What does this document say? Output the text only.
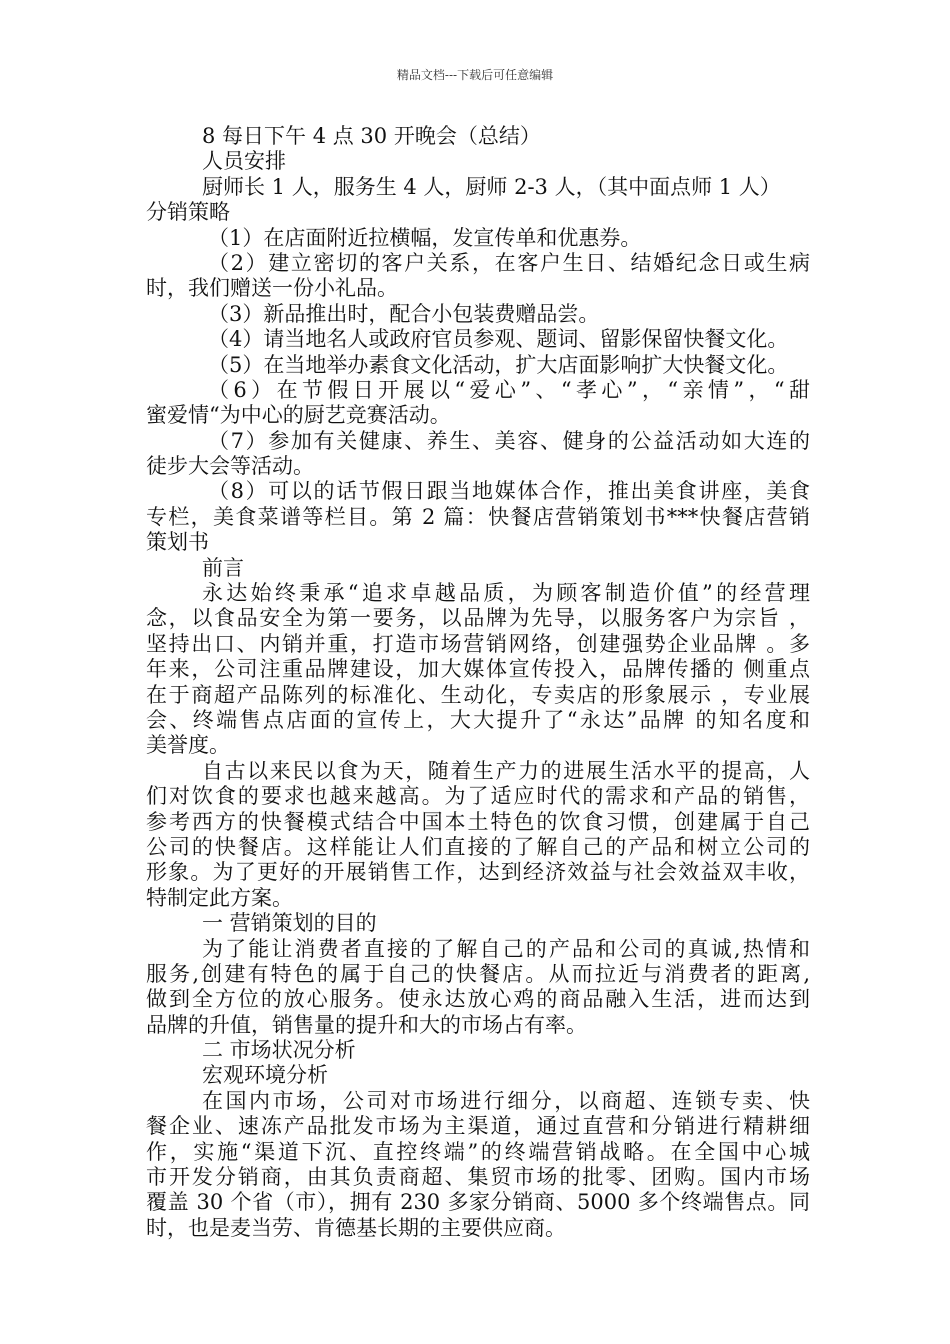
精品文档---下载后可任意编辑
8 每日下午 4 点 30 开晚会（总结）
人员安排
厨师长 1 人，服务生 4 人，厨师 2-3 人，（其中面点师 1 人）
分销策略
（1）在店面附近拉横幅，发宣传单和优惠券。
（2）建立密切的客户关系，在客户生日、结婚纪念日或生病
时，我们赠送一份小礼品。
（3）新品推出时，配合小包装费赠品尝。
（4）请当地名人或政府官员参观、题词、留影保留快餐文化。
（5）在当地举办素食文化活动，扩大店面影响扩大快餐文化。
（6）在节假日开展以“爱心”、“孝心”，“亲情”，“甜
蜜爱情“为中心的厨艺竞赛活动。
（7）参加有关健康、养生、美容、健身的公益活动如大连的
徒步大会等活动。
（8）可以的话节假日跟当地媒体合作，推出美食讲座，美食
专栏，美食菜谱等栏目。第 2 篇：快餐店营销策划书***快餐店营销
策划书
前言
永达始终秉承“追求卓越品质，为顾客制造价值”的经营理
念，以食品安全为第一要务，以品牌为先导，以服务客户为宗旨 ，
坚持出口、内销并重，打造市场营销网络，创建强势企业品牌 。多
年来，公司注重品牌建设，加大媒体宣传投入，品牌传播的 侧重点
在于商超产品陈列的标准化、生动化，专卖店的形象展示 ，专业展
会、终端售点店面的宣传上，大大提升了“永达”品牌 的知名度和
美誉度。
自古以来民以食为天，随着生产力的进展生活水平的提高，人
们对饮食的要求也越来越高。为了适应时代的需求和产品的销售，
参考西方的快餐模式结合中国本土特色的饮食习惯，创建属于自己
公司的快餐店。这样能让人们直接的了解自己的产品和树立公司的
形象。为了更好的开展销售工作，达到经济效益与社会效益双丰收，
特制定此方案。
一 营销策划的目的
为了能让消费者直接的了解自己的产品和公司的真诚,热情和
服务,创建有特色的属于自己的快餐店。从而拉近与消费者的距离,
做到全方位的放心服务。使永达放心鸡的商品融入生活，进而达到
品牌的升值，销售量的提升和大的市场占有率。
二 市场状况分析
宏观环境分析
在国内市场，公司对市场进行细分，以商超、连锁专卖、快
餐企业、速冻产品批发市场为主渠道，通过直营和分销进行精耕细
作，实施“渠道下沉、直控终端”的终端营销战略。在全国中心城
市开发分销商，由其负责商超、集贸市场的批零、团购。国内市场
覆盖 30 个省（市），拥有 230 多家分销商、5000 多个终端售点。同
时，也是麦当劳、肯德基长期的主要供应商。
